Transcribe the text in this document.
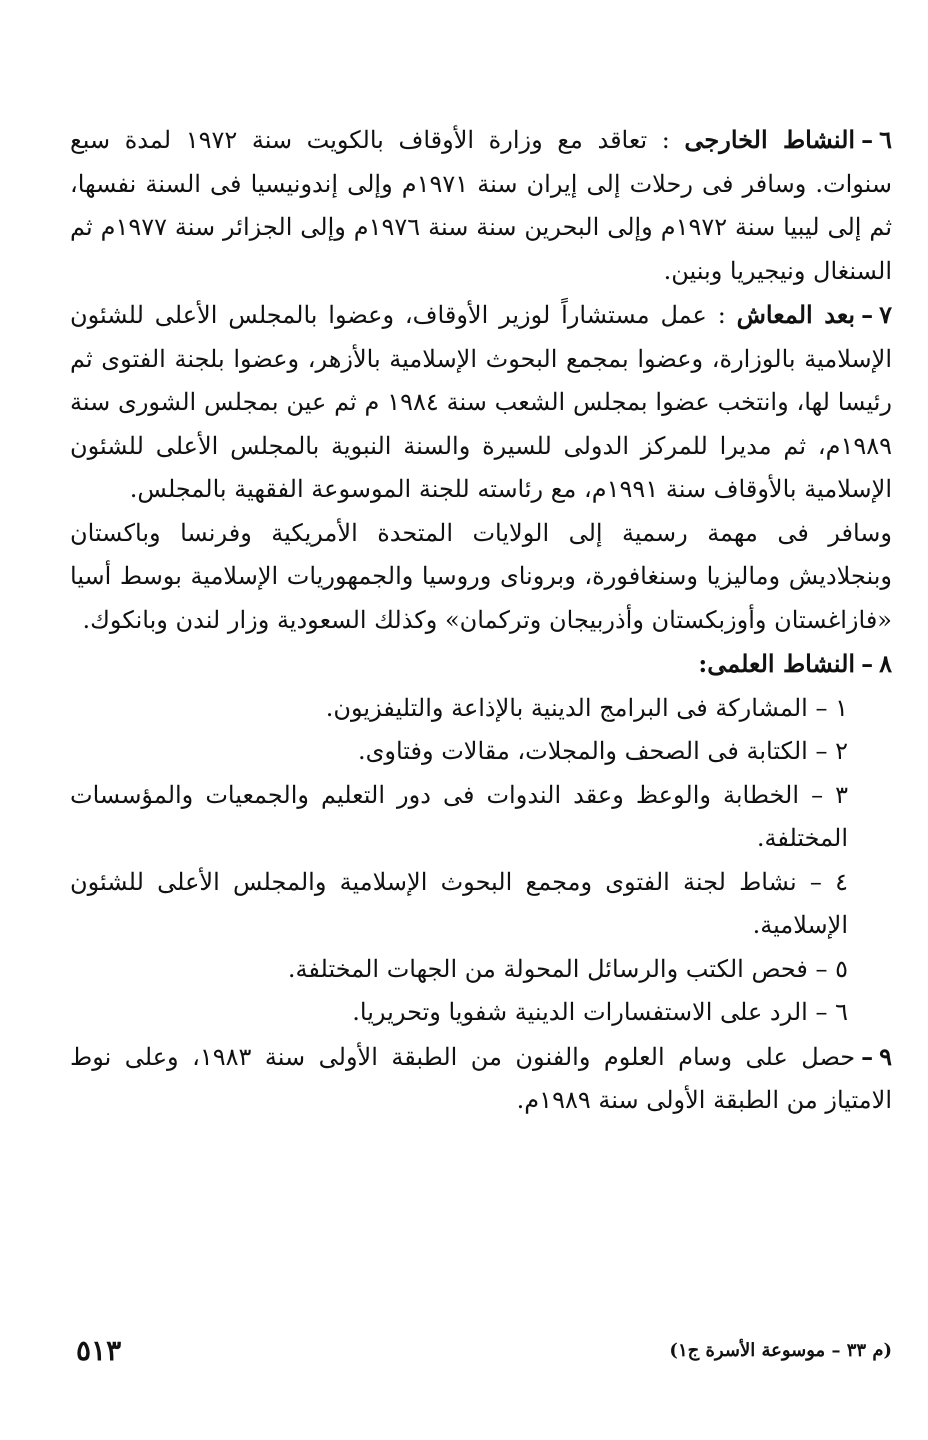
٦–النشاط الخارجى : تعاقد مع وزارة الأوقاف بالكويت سنة ١٩٧٢ لمدة سبع سنوات. وسافر فى رحلات إلى إيران سنة ١٩٧١م وإلى إندونيسيا فى السنة نفسها، ثم إلى ليبيا سنة ١٩٧٢م وإلى البحرين سنة سنة ١٩٧٦م وإلى الجزائر سنة ١٩٧٧م ثم السنغال ونيجيريا وبنين.

٧–بعد المعاش : عمل مستشاراً لوزير الأوقاف، وعضوا بالمجلس الأعلى للشئون الإسلامية بالوزارة، وعضوا بمجمع البحوث الإسلامية بالأزهر، وعضوا بلجنة الفتوى ثم رئيسا لها، وانتخب عضوا بمجلس الشعب سنة ١٩٨٤ م ثم عين بمجلس الشورى سنة ١٩٨٩م، ثم مديرا للمركز الدولى للسيرة والسنة النبوية بالمجلس الأعلى للشئون الإسلامية بالأوقاف سنة ١٩٩١م، مع رئاسته للجنة الموسوعة الفقهية بالمجلس.

وسافر فى مهمة رسمية إلى الولايات المتحدة الأمريكية وفرنسا وباكستان وبنجلاديش وماليزيا وسنغافورة، وبروناى وروسيا والجمهوريات الإسلامية بوسط أسيا «فازاغستان وأوزبكستان وأذربيجان وتركمان» وكذلك السعودية وزار لندن وبانكوك.

٨–النشاط العلمى:

١ – المشاركة فى البرامج الدينية بالإذاعة والتليفزيون.

٢ – الكتابة فى الصحف والمجلات، مقالات وفتاوى.

٣ – الخطابة والوعظ وعقد الندوات فى دور التعليم والجمعيات والمؤسسات المختلفة.

٤ – نشاط لجنة الفتوى ومجمع البحوث الإسلامية والمجلس الأعلى للشئون الإسلامية.

٥ – فحص الكتب والرسائل المحولة من الجهات المختلفة.

٦ – الرد على الاستفسارات الدينية شفويا وتحريريا.

٩–حصل على وسام العلوم والفنون من الطبقة الأولى سنة ١٩٨٣، وعلى نوط الامتياز من الطبقة الأولى سنة ١٩٨٩م.

(م ٣٣ – موسوعة الأسرة ج١)
٥١٣
